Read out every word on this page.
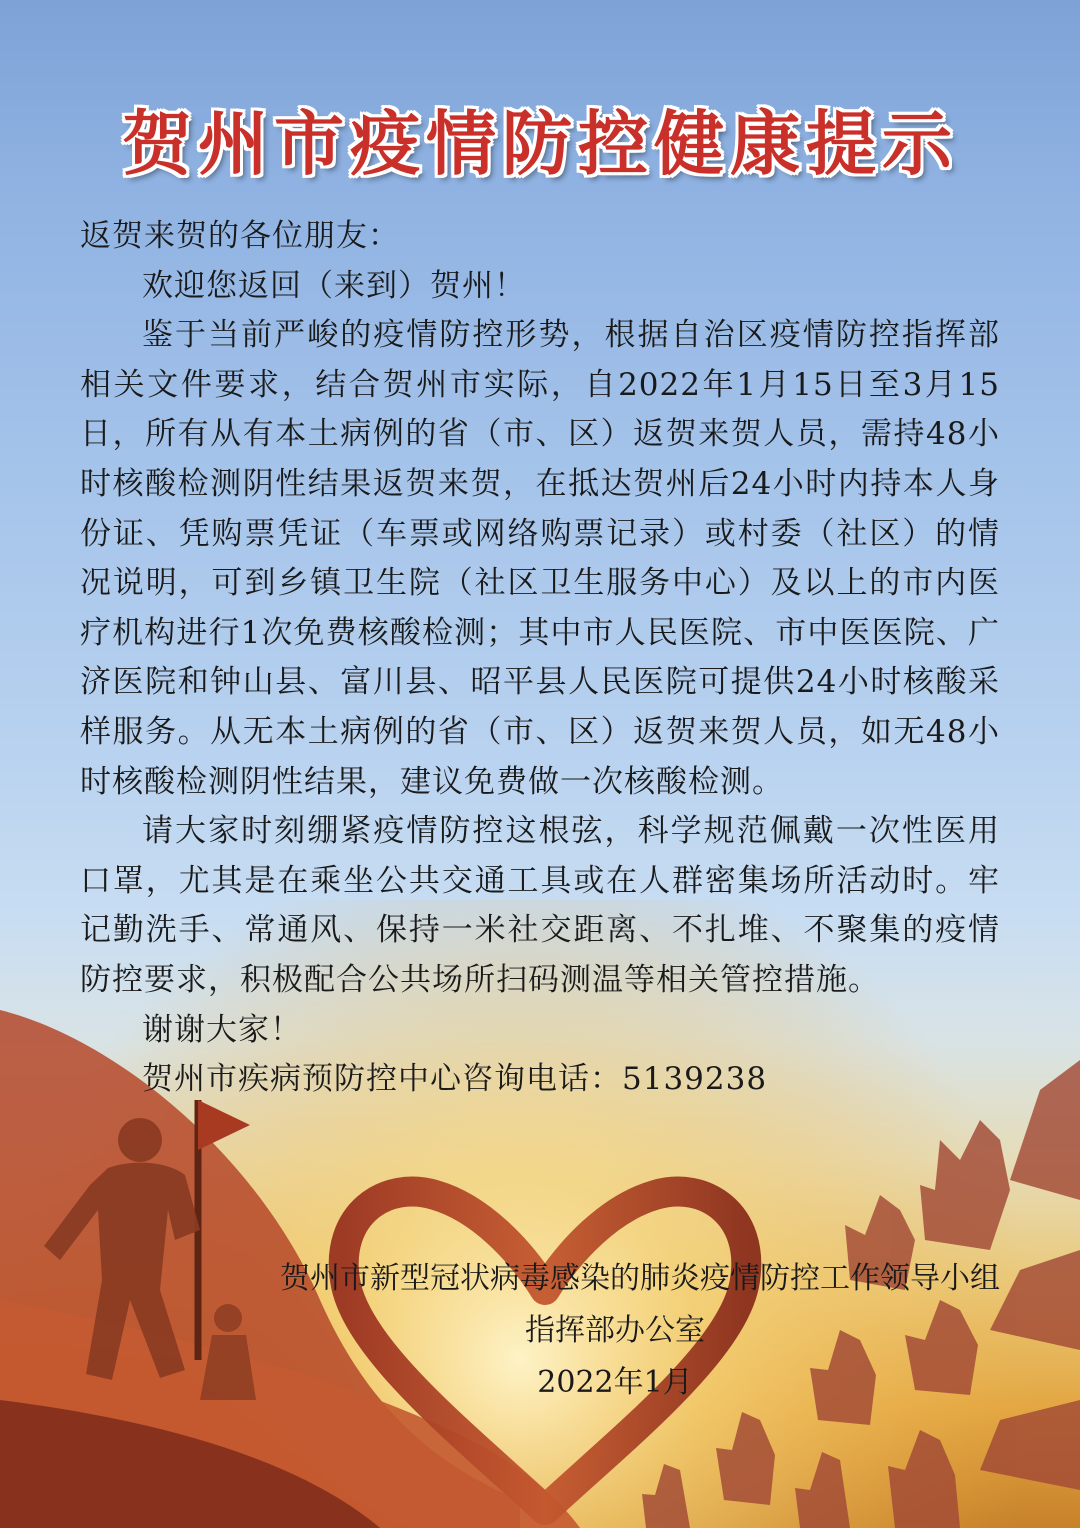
贺州市疫情防控健康提示

返贺来贺的各位朋友：

欢迎您返回（来到）贺州！

鉴于当前严峻的疫情防控形势，根据自治区疫情防控指挥部相关文件要求，结合贺州市实际，自2022年1月15日至3月15日，所有从有本土病例的省（市、区）返贺来贺人员，需持48小时核酸检测阴性结果返贺来贺，在抵达贺州后24小时内持本人身份证、凭购票凭证（车票或网络购票记录）或村委（社区）的情况说明，可到乡镇卫生院（社区卫生服务中心）及以上的市内医疗机构进行1次免费核酸检测；其中市人民医院、市中医医院、广济医院和钟山县、富川县、昭平县人民医院可提供24小时核酸采样服务。从无本土病例的省（市、区）返贺来贺人员，如无48小时核酸检测阴性结果，建议免费做一次核酸检测。

请大家时刻绷紧疫情防控这根弦，科学规范佩戴一次性医用口罩，尤其是在乘坐公共交通工具或在人群密集场所活动时。牢记勤洗手、常通风、保持一米社交距离、不扎堆、不聚集的疫情防控要求，积极配合公共场所扫码测温等相关管控措施。

谢谢大家！

贺州市疾病预防控中心咨询电话：5139238

贺州市新型冠状病毒感染的肺炎疫情防控工作领导小组
指挥部办公室
2022年1月
